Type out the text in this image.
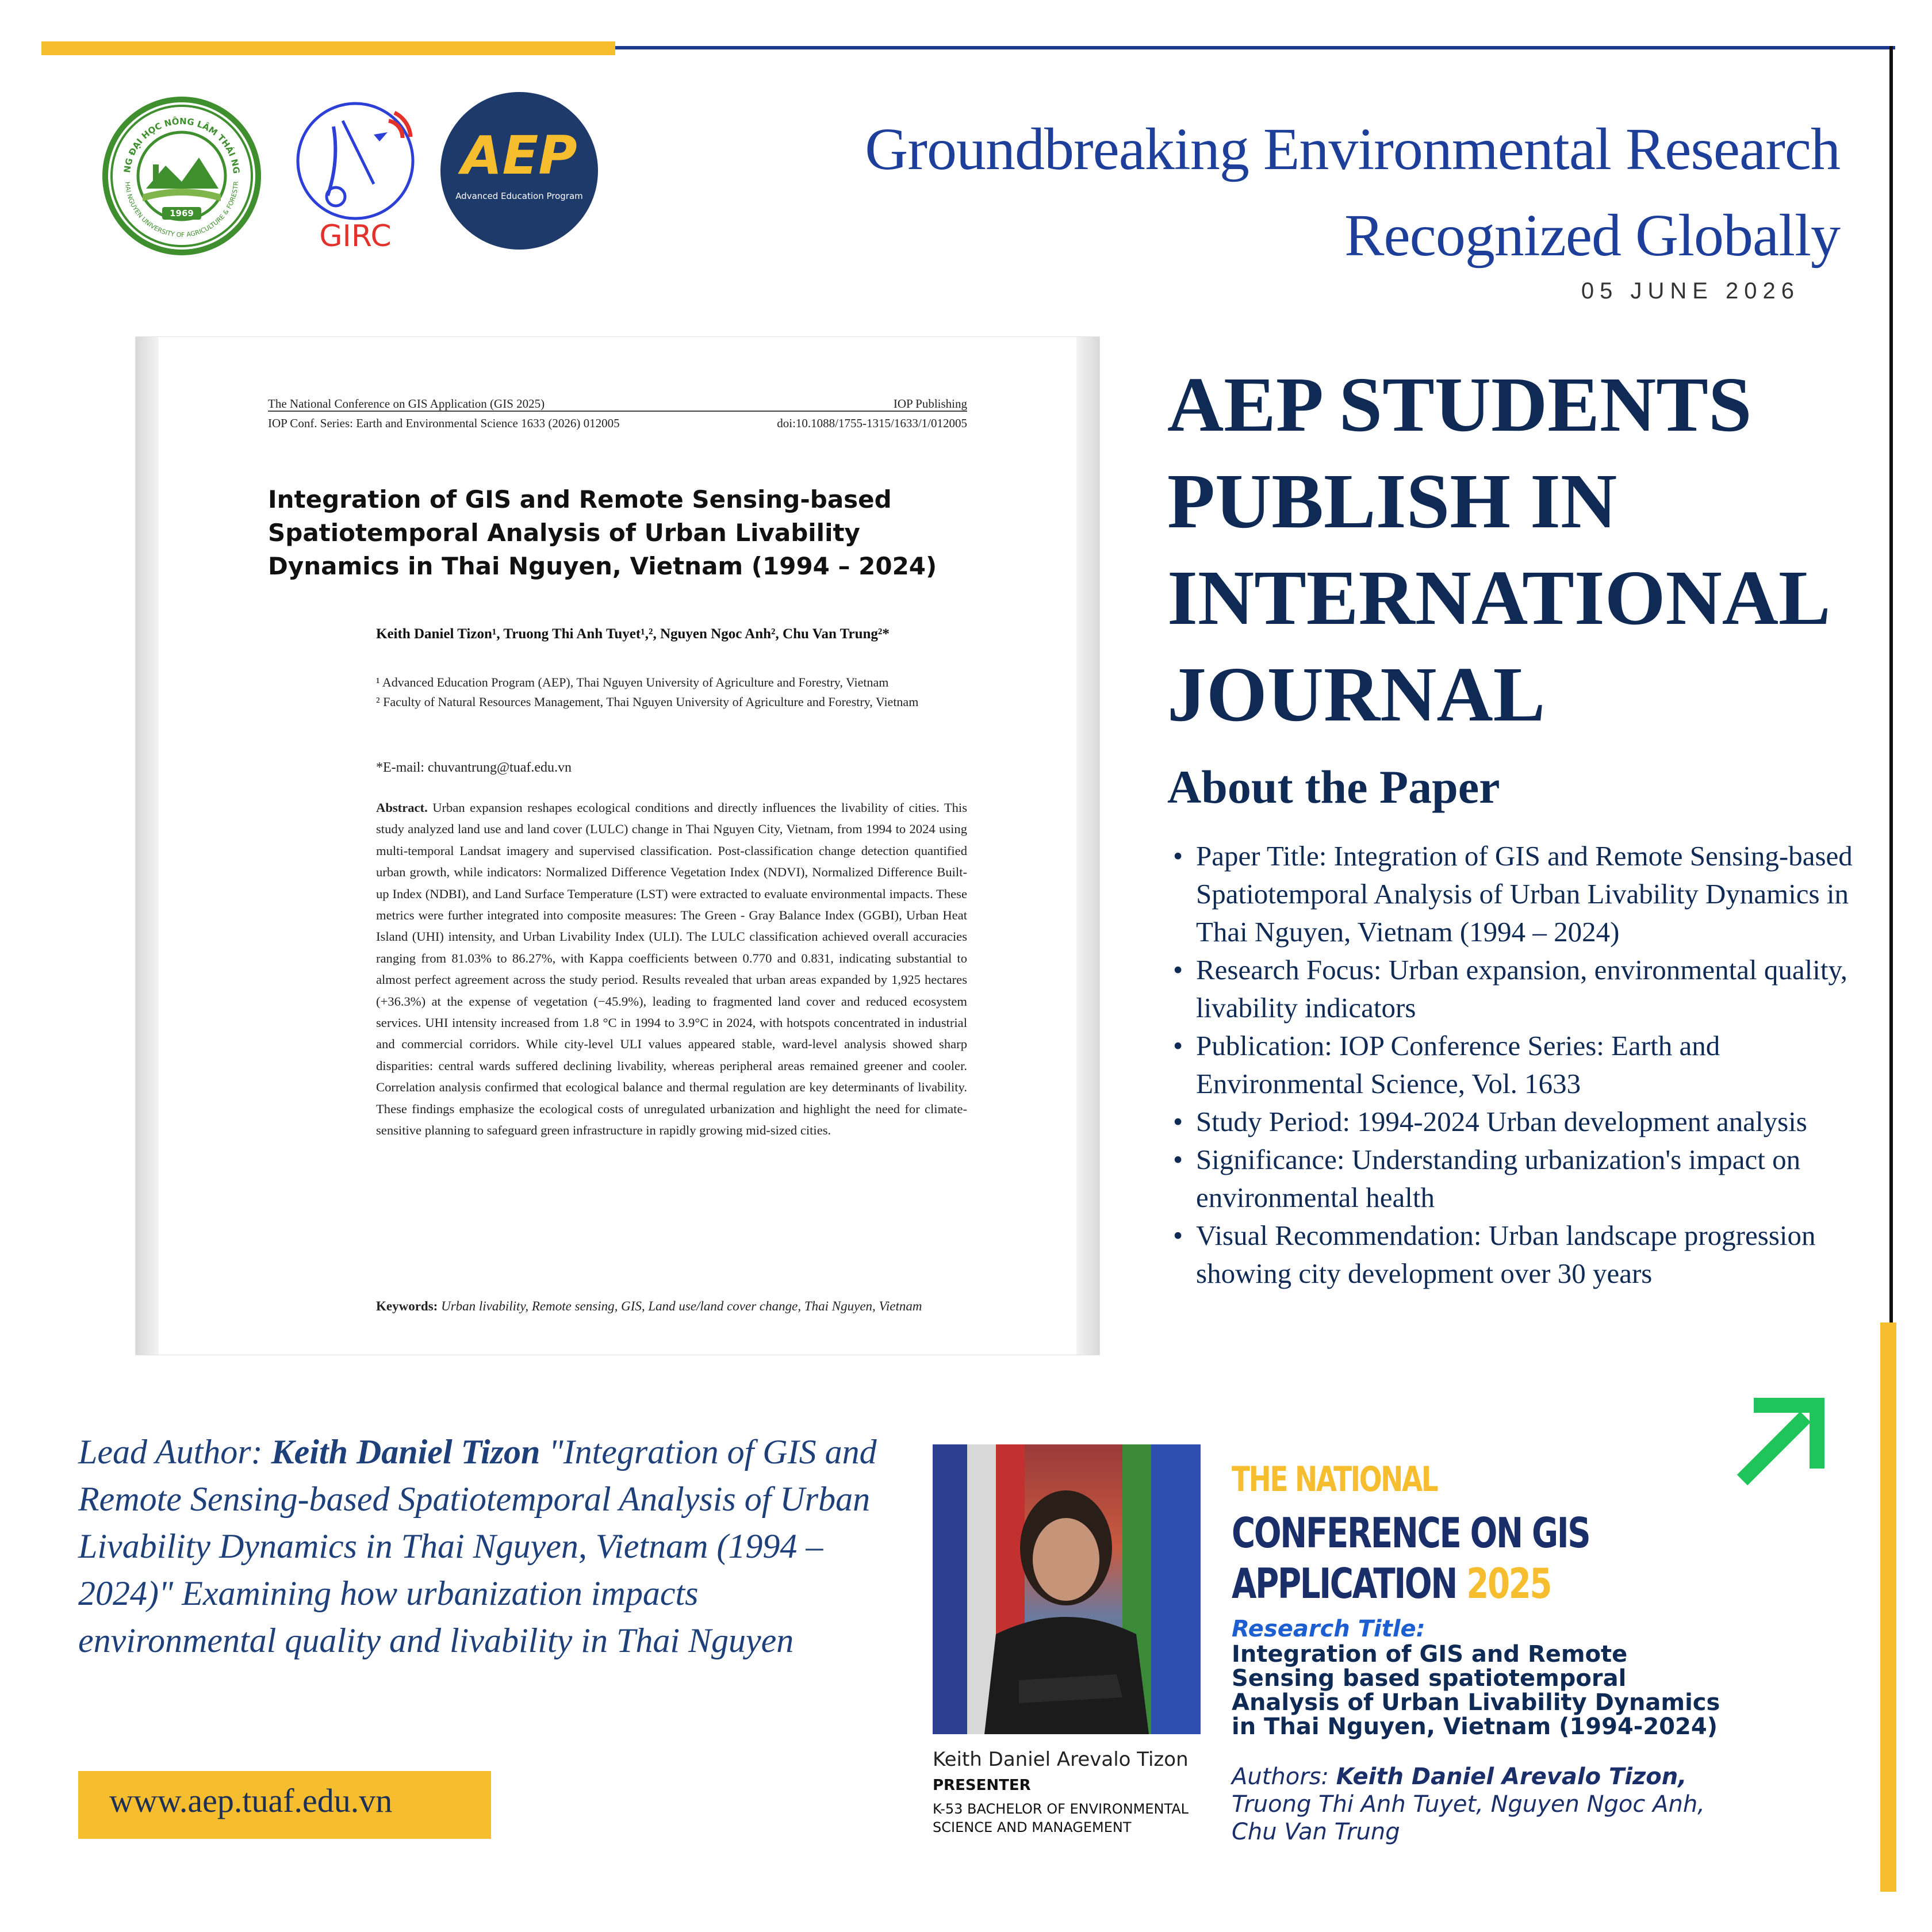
NG ĐẠI HỌC NÔNG LÂM THÁI NG
HAI NGUYEN UNIVERSITY OF AGRICULTURE & FORESTR
1969
GIRC
AEP
Advanced Education Program
Groundbreaking Environmental Research
Recognized Globally
05 JUNE 2026
The National Conference on GIS Application (GIS 2025)	IOP Publishing
IOP Conf. Series: Earth and Environmental Science 1633 (2026) 012005	doi:10.1088/1755-1315/1633/1/012005
Integration of GIS and Remote Sensing-based Spatiotemporal Analysis of Urban Livability Dynamics in Thai Nguyen, Vietnam (1994 – 2024)
Keith Daniel Tizon¹, Truong Thi Anh Tuyet¹,², Nguyen Ngoc Anh², Chu Van Trung²*
¹ Advanced Education Program (AEP), Thai Nguyen University of Agriculture and Forestry, Vietnam
² Faculty of Natural Resources Management, Thai Nguyen University of Agriculture and Forestry, Vietnam
*E-mail: chuvantrung@tuaf.edu.vn
Abstract. Urban expansion reshapes ecological conditions and directly influences the livability of cities. This study analyzed land use and land cover (LULC) change in Thai Nguyen City, Vietnam, from 1994 to 2024 using multi-temporal Landsat imagery and supervised classification. Post-classification change detection quantified urban growth, while indicators: Normalized Difference Vegetation Index (NDVI), Normalized Difference Built-up Index (NDBI), and Land Surface Temperature (LST) were extracted to evaluate environmental impacts. These metrics were further integrated into composite measures: The Green - Gray Balance Index (GGBI), Urban Heat Island (UHI) intensity, and Urban Livability Index (ULI). The LULC classification achieved overall accuracies ranging from 81.03% to 86.27%, with Kappa coefficients between 0.770 and 0.831, indicating substantial to almost perfect agreement across the study period. Results revealed that urban areas expanded by 1,925 hectares (+36.3%) at the expense of vegetation (−45.9%), leading to fragmented land cover and reduced ecosystem services. UHI intensity increased from 1.8 °C in 1994 to 3.9°C in 2024, with hotspots concentrated in industrial and commercial corridors. While city-level ULI values appeared stable, ward-level analysis showed sharp disparities: central wards suffered declining livability, whereas peripheral areas remained greener and cooler. Correlation analysis confirmed that ecological balance and thermal regulation are key determinants of livability. These findings emphasize the ecological costs of unregulated urbanization and highlight the need for climate-sensitive planning to safeguard green infrastructure in rapidly growing mid-sized cities.
Keywords: Urban livability, Remote sensing, GIS, Land use/land cover change, Thai Nguyen, Vietnam
AEP STUDENTS PUBLISH IN INTERNATIONAL JOURNAL
About the Paper
• Paper Title: Integration of GIS and Remote Sensing-based Spatiotemporal Analysis of Urban Livability Dynamics in Thai Nguyen, Vietnam (1994 – 2024)
• Research Focus: Urban expansion, environmental quality, livability indicators
• Publication: IOP Conference Series: Earth and Environmental Science, Vol. 1633
• Study Period: 1994-2024 Urban development analysis
• Significance: Understanding urbanization's impact on environmental health
• Visual Recommendation: Urban landscape progression showing city development over 30 years
Lead Author: Keith Daniel Tizon "Integration of GIS and Remote Sensing-based Spatiotemporal Analysis of Urban Livability Dynamics in Thai Nguyen, Vietnam (1994 – 2024)" Examining how urbanization impacts environmental quality and livability in Thai Nguyen
www.aep.tuaf.edu.vn
Keith Daniel Arevalo Tizon
PRESENTER
K-53 BACHELOR OF ENVIRONMENTAL SCIENCE AND MANAGEMENT
THE NATIONAL
CONFERENCE ON GIS
APPLICATION 2025
Research Title:
Integration of GIS and Remote Sensing based spatiotemporal Analysis of Urban Livability Dynamics in Thai Nguyen, Vietnam (1994-2024)
Authors: Keith Daniel Arevalo Tizon, Truong Thi Anh Tuyet, Nguyen Ngoc Anh, Chu Van Trung
